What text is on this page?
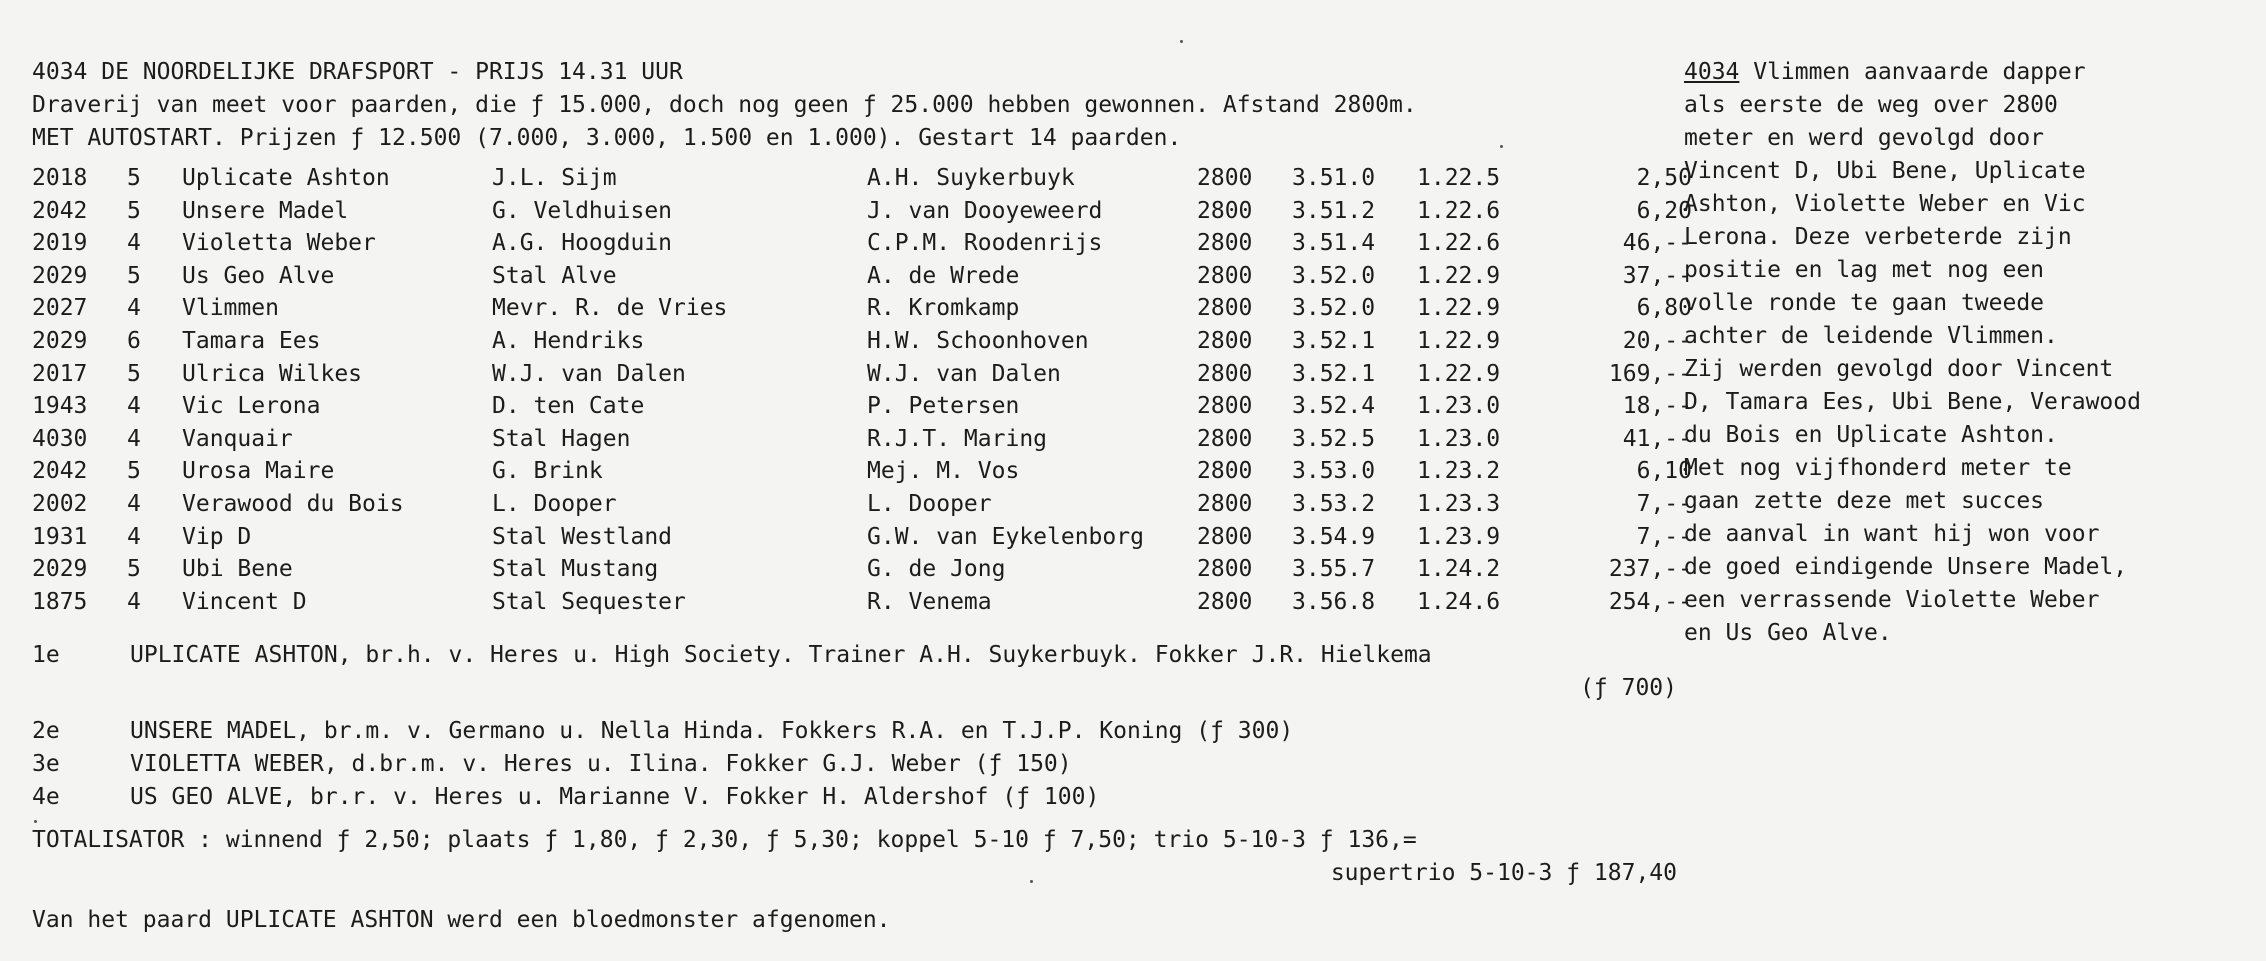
4034 DE NOORDELIJKE DRAFSPORT - PRIJS 14.31 UUR
Draverij van meet voor paarden, die ƒ 15.000, doch nog geen ƒ 25.000 hebben gewonnen. Afstand 2800m.
MET AUTOSTART. Prijzen ƒ 12.500 (7.000, 3.000, 1.500 en 1.000). Gestart 14 paarden.
2018	5	Uplicate Ashton	J.L. Sijm	A.H. Suykerbuyk	2800	3.51.0	1.22.5	2,50
2042	5	Unsere Madel	G. Veldhuisen	J. van Dooyeweerd	2800	3.51.2	1.22.6	6,20
2019	4	Violetta Weber	A.G. Hoogduin	C.P.M. Roodenrijs	2800	3.51.4	1.22.6	46,--
2029	5	Us Geo Alve	Stal Alve	A. de Wrede	2800	3.52.0	1.22.9	37,--
2027	4	Vlimmen	Mevr. R. de Vries	R. Kromkamp	2800	3.52.0	1.22.9	6,80
2029	6	Tamara Ees	A. Hendriks	H.W. Schoonhoven	2800	3.52.1	1.22.9	20,--
2017	5	Ulrica Wilkes	W.J. van Dalen	W.J. van Dalen	2800	3.52.1	1.22.9	169,--
1943	4	Vic Lerona	D. ten Cate	P. Petersen	2800	3.52.4	1.23.0	18,--
4030	4	Vanquair	Stal Hagen	R.J.T. Maring	2800	3.52.5	1.23.0	41,--
2042	5	Urosa Maire	G. Brink	Mej. M. Vos	2800	3.53.0	1.23.2	6,10
2002	4	Verawood du Bois	L. Dooper	L. Dooper	2800	3.53.2	1.23.3	7,--
1931	4	Vip D	Stal Westland	G.W. van Eykelenborg	2800	3.54.9	1.23.9	7,--
2029	5	Ubi Bene	Stal Mustang	G. de Jong	2800	3.55.7	1.24.2	237,--
1875	4	Vincent D	Stal Sequester	R. Venema	2800	3.56.8	1.24.6	254,--
1e	UPLICATE ASHTON, br.h. v. Heres u. High Society. Trainer A.H. Suykerbuyk. Fokker J.R. Hielkema
(ƒ 700)
2e	UNSERE MADEL, br.m. v. Germano u. Nella Hinda. Fokkers R.A. en T.J.P. Koning (ƒ 300)
3e	VIOLETTA WEBER, d.br.m. v. Heres u. Ilina. Fokker G.J. Weber (ƒ 150)
4e	US GEO ALVE, br.r. v. Heres u. Marianne V. Fokker H. Aldershof (ƒ 100)
TOTALISATOR : winnend ƒ 2,50; plaats ƒ 1,80, ƒ 2,30, ƒ 5,30; koppel 5-10 ƒ 7,50; trio 5-10-3 ƒ 136,=
supertrio 5-10-3 ƒ 187,40
Van het paard UPLICATE ASHTON werd een bloedmonster afgenomen.
4034 Vlimmen aanvaarde dapper
als eerste de weg over 2800
meter en werd gevolgd door
Vincent D, Ubi Bene, Uplicate
Ashton, Violette Weber en Vic
Lerona. Deze verbeterde zijn
positie en lag met nog een
volle ronde te gaan tweede
achter de leidende Vlimmen.
Zij werden gevolgd door Vincent
D, Tamara Ees, Ubi Bene, Verawood
du Bois en Uplicate Ashton.
Met nog vijfhonderd meter te
gaan zette deze met succes
de aanval in want hij won voor
de goed eindigende Unsere Madel,
een verrassende Violette Weber
en Us Geo Alve.
